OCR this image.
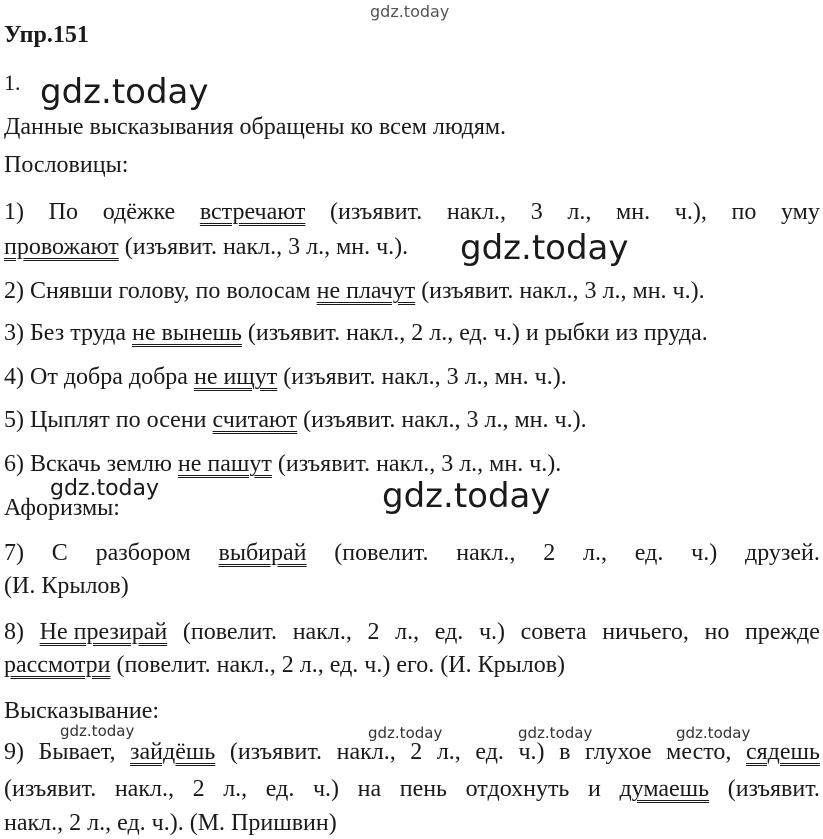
gdz.today
Упр.151
1. gdz.today
Данные высказывания обращены ко всем людям.
Пословицы:
1) По одёжке встречают (изъявит. накл., 3 л., мн. ч.), по уму
провожают (изъявит. накл., 3 л., мн. ч.). gdz.today
2) Снявши голову, по волосам не плачут (изъявит. накл., 3 л., мн. ч.).
3) Без труда не вынешь (изъявит. накл., 2 л., ед. ч.) и рыбки из пруда.
4) От добра добра не ищут (изъявит. накл., 3 л., мн. ч.).
5) Цыплят по осени считают (изъявит. накл., 3 л., мн. ч.).
6) Вскачь землю не пашут (изъявит. накл., 3 л., мн. ч.).
gdz.today	gdz.today
Афоризмы:
7) С разбором выбирай (повелит. накл., 2 л., ед. ч.) друзей.
(И. Крылов)
8) Не презирай (повелит. накл., 2 л., ед. ч.) совета ничьего, но прежде
рассмотри (повелит. накл., 2 л., ед. ч.) его. (И. Крылов)
Высказывание:
gdz.today	gdz.today	gdz.today	gdz.today
9) Бывает, зайдёшь (изъявит. накл., 2 л., ед. ч.) в глухое место, сядешь
(изъявит. накл., 2 л., ед. ч.) на пень отдохнуть и думаешь (изъявит.
накл., 2 л., ед. ч.). (М. Пришвин)
